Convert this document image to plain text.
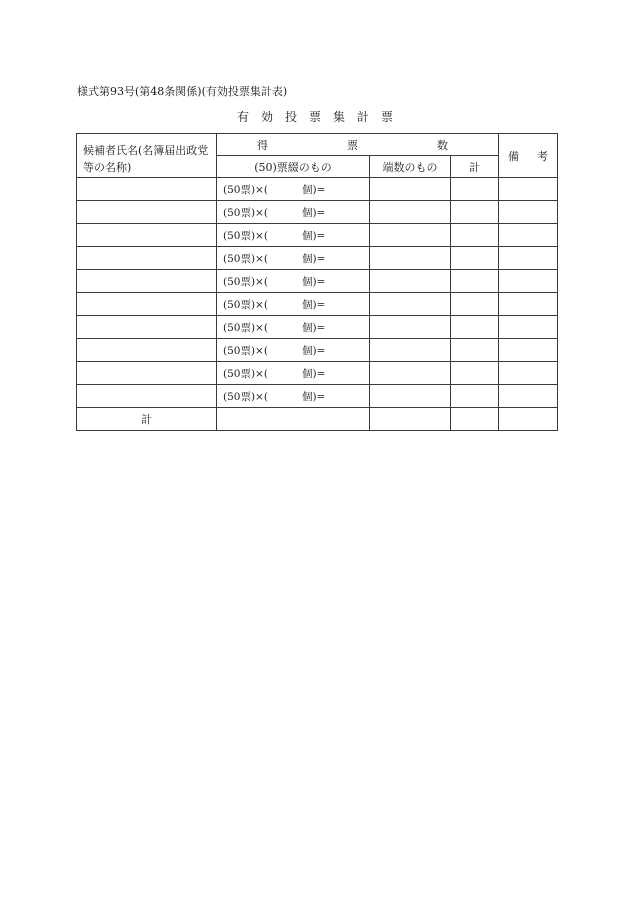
様式第93号(第48条関係)(有効投票集計表)
有 効 投 票 集 計 票
候補者氏名(名簿届出政党等の名称)	得 票 数			備 考

	(50)票綴のもの	端数のもの	計	
	(50票)×( 個)=			
	(50票)×( 個)=			
	(50票)×( 個)=			
	(50票)×( 個)=			
	(50票)×( 個)=			
	(50票)×( 個)=			
	(50票)×( 個)=			
	(50票)×( 個)=			
	(50票)×( 個)=			
	(50票)×( 個)=			
計				
